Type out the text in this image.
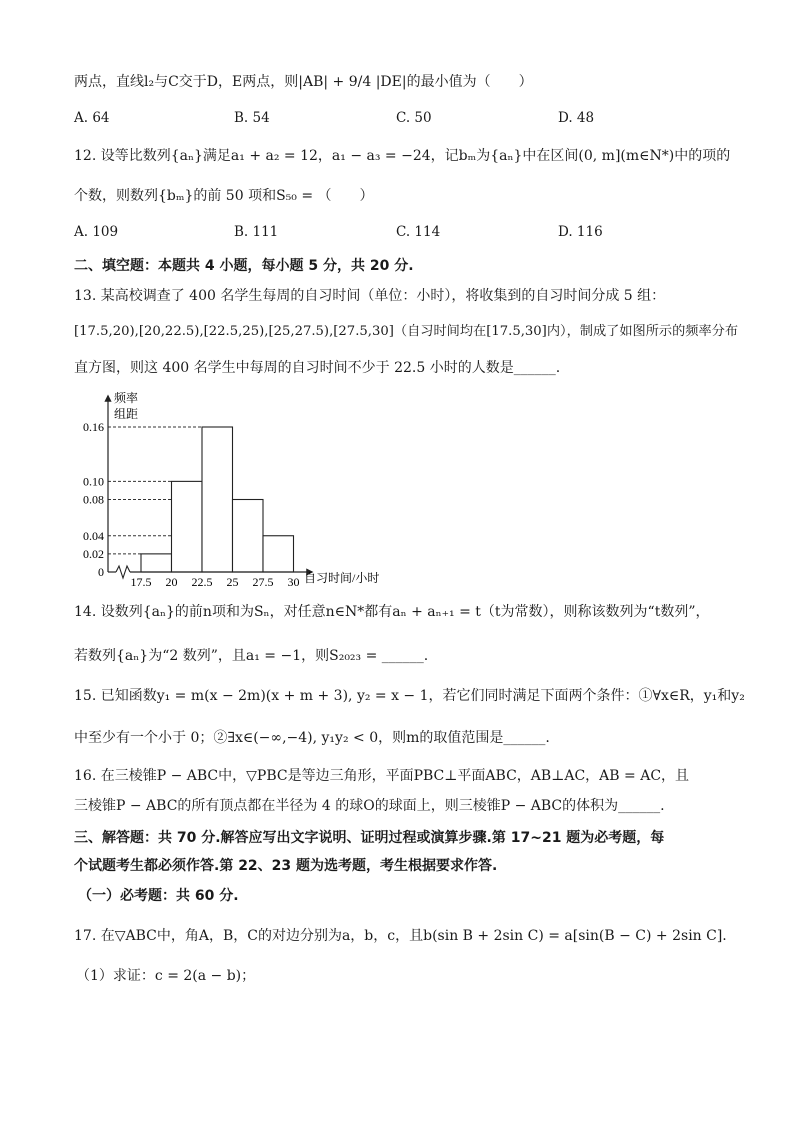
两点，直线l₂与C交于D，E两点，则|AB| + 9/4 |DE|的最小值为（　　）
A. 64	B. 54	C. 50	D. 48
12. 设等比数列{aₙ}满足a₁ + a₂ = 12，a₁ − a₃ = −24，记bₘ为{aₙ}中在区间(0, m](m∈N*)中的项的
个数，则数列{bₘ}的前 50 项和S₅₀ = （　　）
A. 109	B. 111	C. 114	D. 116
二、填空题：本题共 4 小题，每小题 5 分，共 20 分.
13. 某高校调查了 400 名学生每周的自习时间（单位：小时），将收集到的自习时间分成 5 组：
[17.5,20),[20,22.5),[22.5,25),[25,27.5),[27.5,30]（自习时间均在[17.5,30]内），制成了如图所示的频率分布
直方图，则这 400 名学生中每周的自习时间不少于 22.5 小时的人数是______.
频率
组距
0	自习时间/小时
17.5 20 22.5 25 27.5 30
0.02
0.04
0.08
0.10
0.16
14. 设数列{aₙ}的前n项和为Sₙ，对任意n∈N*都有aₙ + aₙ₊₁ = t（t为常数），则称该数列为“t数列”，
若数列{aₙ}为“2 数列”，且a₁ = −1，则S₂₀₂₃ = ______.
15. 已知函数y₁ = m(x − 2m)(x + m + 3), y₂ = x − 1，若它们同时满足下面两个条件：①∀x∈R，y₁和y₂
中至少有一个小于 0；②∃x∈(−∞,−4), y₁y₂ < 0，则m的取值范围是______.
16. 在三棱锥P − ABC中，▽PBC是等边三角形，平面PBC⊥平面ABC，AB⊥AC，AB = AC，且
三棱锥P − ABC的所有顶点都在半径为 4 的球O的球面上，则三棱锥P − ABC的体积为______.
三、解答题：共 70 分.解答应写出文字说明、证明过程或演算步骤.第 17~21 题为必考题，每
个试题考生都必须作答.第 22、23 题为选考题，考生根据要求作答.
（一）必考题：共 60 分.
17. 在▽ABC中，角A，B，C的对边分别为a，b，c，且b(sin B + 2sin C) = a[sin(B − C) + 2sin C].
（1）求证：c = 2(a − b)；
